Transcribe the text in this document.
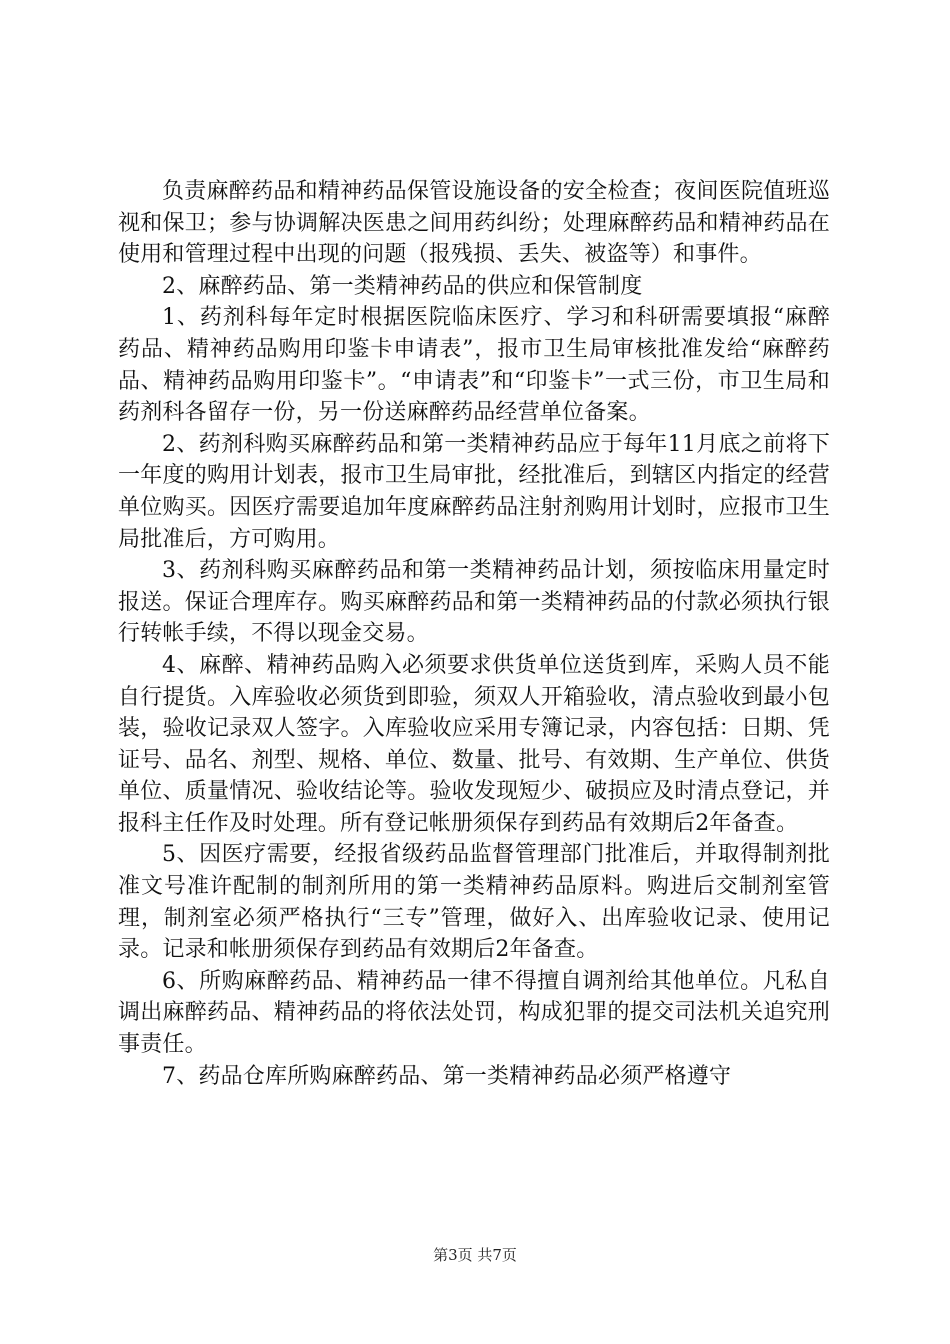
负责麻醉药品和精神药品保管设施设备的安全检查；夜间医院值班巡视和保卫；参与协调解决医患之间用药纠纷；处理麻醉药品和精神药品在使用和管理过程中出现的问题（报残损、丢失、被盗等）和事件。

2、麻醉药品、第一类精神药品的供应和保管制度

1、药剂科每年定时根据医院临床医疗、学习和科研需要填报“麻醉药品、精神药品购用印鉴卡申请表”，报市卫生局审核批准发给“麻醉药品、精神药品购用印鉴卡”。“申请表”和“印鉴卡”一式三份，市卫生局和药剂科各留存一份，另一份送麻醉药品经营单位备案。

2、药剂科购买麻醉药品和第一类精神药品应于每年11月底之前将下一年度的购用计划表，报市卫生局审批，经批准后，到辖区内指定的经营单位购买。因医疗需要追加年度麻醉药品注射剂购用计划时，应报市卫生局批准后，方可购用。

3、药剂科购买麻醉药品和第一类精神药品计划，须按临床用量定时报送。保证合理库存。购买麻醉药品和第一类精神药品的付款必须执行银行转帐手续，不得以现金交易。

4、麻醉、精神药品购入必须要求供货单位送货到库，采购人员不能自行提货。入库验收必须货到即验，须双人开箱验收，清点验收到最小包装，验收记录双人签字。入库验收应采用专簿记录，内容包括：日期、凭证号、品名、剂型、规格、单位、数量、批号、有效期、生产单位、供货单位、质量情况、验收结论等。验收发现短少、破损应及时清点登记，并报科主任作及时处理。所有登记帐册须保存到药品有效期后2年备查。

5、因医疗需要，经报省级药品监督管理部门批准后，并取得制剂批准文号准许配制的制剂所用的第一类精神药品原料。购进后交制剂室管理，制剂室必须严格执行“三专”管理，做好入、出库验收记录、使用记录。记录和帐册须保存到药品有效期后2年备查。

6、所购麻醉药品、精神药品一律不得擅自调剂给其他单位。凡私自调出麻醉药品、精神药品的将依法处罚，构成犯罪的提交司法机关追究刑事责任。

7、药品仓库所购麻醉药品、第一类精神药品必须严格遵守

第3页 共7页
